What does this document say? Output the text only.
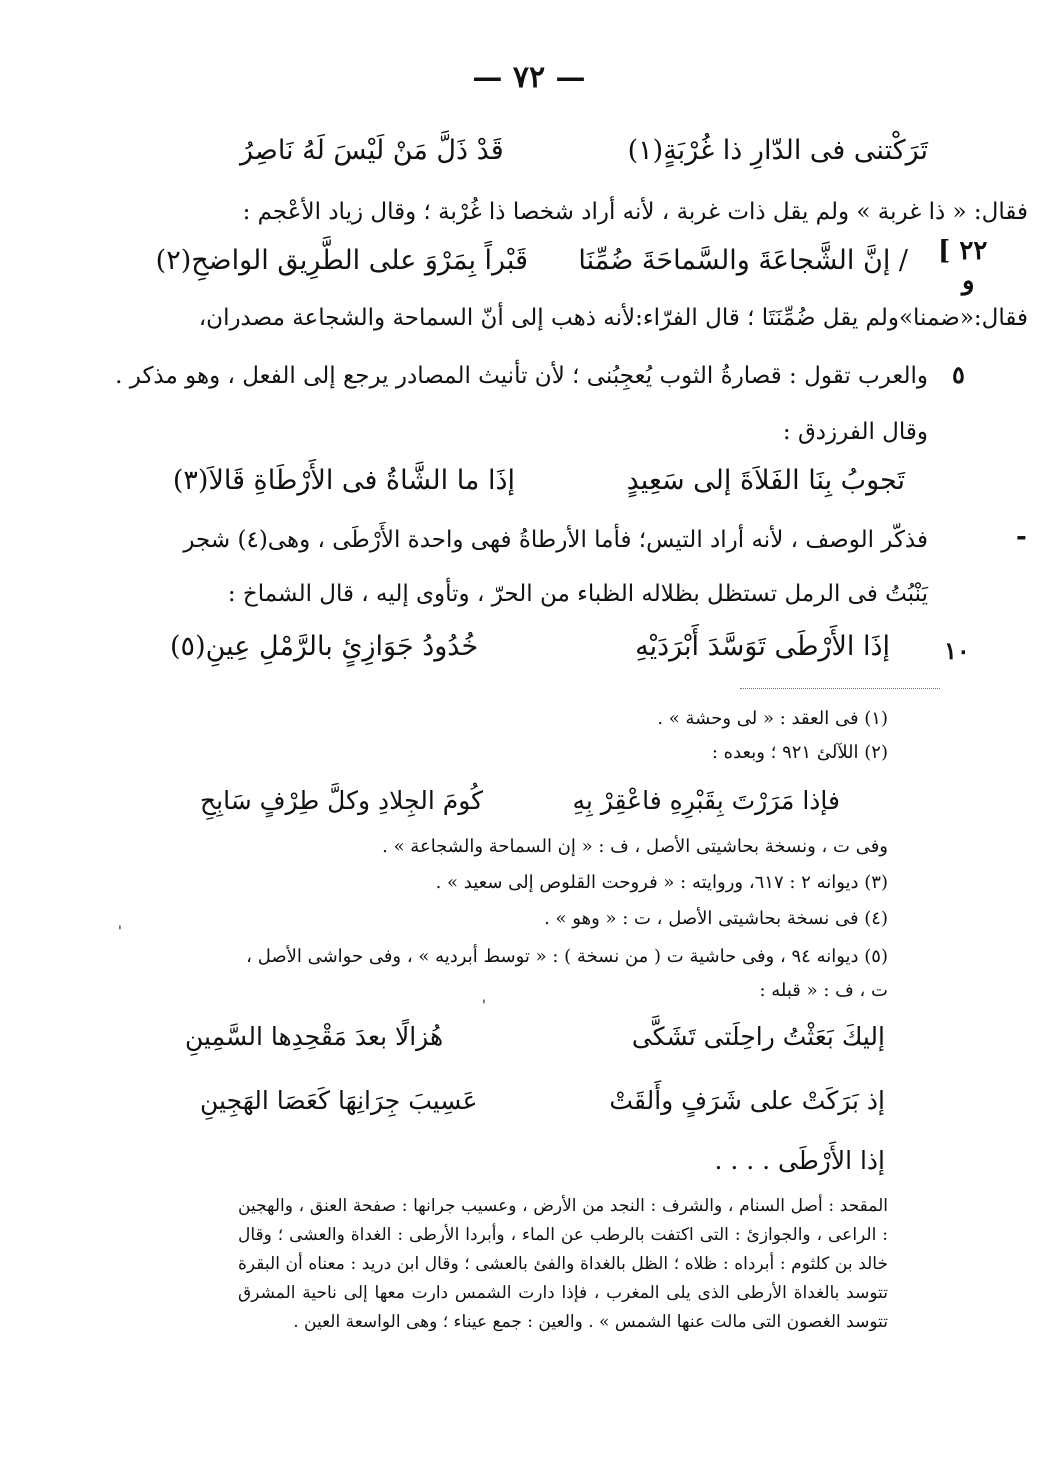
— ٧٢ —
تَرَكْتنى فى الدّارِ ذا غُرْبَةٍ(١)
قَدْ ذَلَّ مَنْ لَيْسَ لَهُ نَاصِرُ
فقال: « ذا غربة » ولم يقل ذات غربة ، لأنه أراد شخصا ذا غُرْبة ؛ وقال زياد الأعْجم :
[ ٢٢
و
/ إنَّ الشَّجاعَةَ والسَّماحَةَ ضُمِّنَا
قَبْراً بِمَرْوَ على الطَّرِيق الواضحِ(٢)
فقال:«ضمنا»ولم يقل ضُمِّنَتَا ؛ قال الفرّاء:لأنه ذهب إلى أنّ السماحة والشجاعة مصدران،
٥
والعرب تقول : قصارةُ الثوب يُعجِبُنى ؛ لأن تأنيث المصادر يرجع إلى الفعل ، وهو مذكر .
وقال الفرزدق :
تَجوبُ بِنَا الفَلاَةَ إلى سَعِيدٍ
إذَا ما الشَّاةُ فى الأَرْطَاةِ قَالاَ(٣)
فذكّر الوصف ، لأنه أراد التيس؛ فأما الأرطاةُ فهى واحدة الأَرْطَى ، وهى(٤) شجر	-
يَنْبُتُ فى الرمل تستظل بظلاله الظباء من الحرّ ، وتأوى إليه ، قال الشماخ :
١٠
إذَا الأَرْطَى تَوَسَّدَ أَبْرَدَيْهِ
خُدُودُ جَوَازِئٍ بالرَّمْلِ عِينِ(٥)
(١) فى العقد : « لى وحشة » .
(٢) اللآلئ ٩٢١ ؛ وبعده :
فإذا مَرَرْتَ بِقَبْرِهِ فاعْقِرْ بِهِ
كُومَ الجِلادِ وكلَّ طِرْفٍ سَابِحِ
وفى ت ، ونسخة بحاشيتى الأصل ، ف : « إن السماحة والشجاعة » .
(٣) ديوانه ٢ : ٦١٧، وروايته : « فروحت القلوص إلى سعيد » .
(٤) فى نسخة بحاشيتى الأصل ، ت : « وهو » .
(٥) ديوانه ٩٤ ، وفى حاشية ت ( من نسخة ) : « توسط أبرديه » ، وفى حواشى الأصل ،
ت ، ف : « قبله :
إليكَ بَعَثْتُ راحِلَتى تَشَكَّى
هُزالًا بعدَ مَقْحِدِها السَّمِينِ
إذ بَرَكَتْ على شَرَفٍ وأَلقَتْ
عَسِيبَ جِرَانِهَا كَعَصَا الهَجِينِ
إذا الأَرْطَى . . . .
المقحد : أصل السنام ، والشرف : النجد من الأرض ، وعسيب جرانها : صفحة العنق ، والهجين : الراعى ، والجوازئ : التى اكتفت بالرطب عن الماء ، وأبردا الأرطى : الغداة والعشى ؛ وقال خالد بن كلثوم : أبرداه : ظلاه ؛ الظل بالغداة والفئ بالعشى ؛ وقال ابن دريد : معناه أن البقرة تتوسد بالغداة الأرطى الذى يلى المغرب ، فإذا دارت الشمس دارت معها إلى ناحية المشرق تتوسد الغصون التى مالت عنها الشمس » . والعين : جمع عيناء ؛ وهى الواسعة العين .
'
'
